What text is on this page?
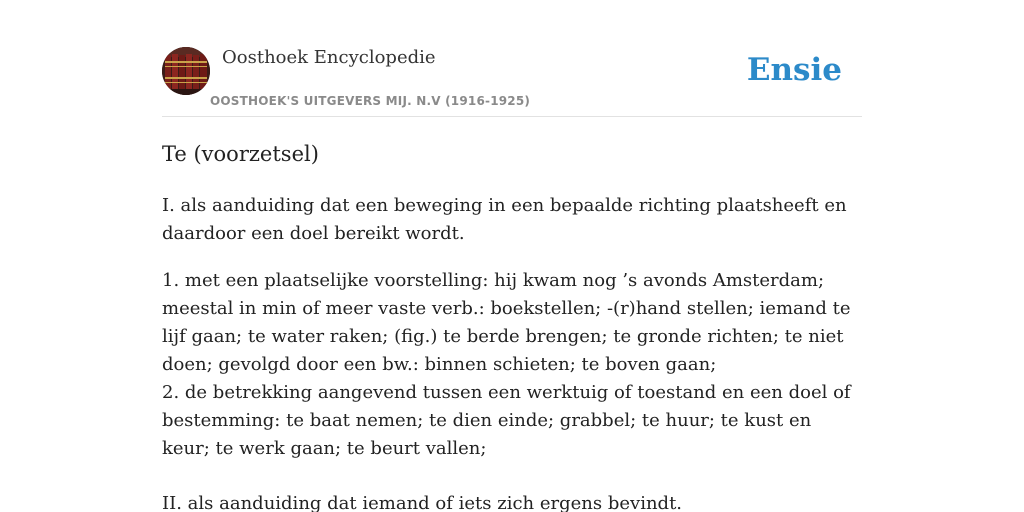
Oosthoek Encyclopedie
OOSTHOEK'S UITGEVERS MIJ. N.V (1916-1925)
Ensie
Te (voorzetsel)

I. als aanduiding dat een beweging in een bepaalde richting plaatsheeft en daardoor een doel bereikt wordt.

1. met een plaatselijke voorstelling: hij kwam nog ’s avonds Amsterdam; meestal in min of meer vaste verb.: boekstellen; -(r)hand stellen; iemand te lijf gaan; te water raken; (fig.) te berde brengen; te gronde richten; te niet doen; gevolgd door een bw.: binnen schieten; te boven gaan;

2. de betrekking aangevend tussen een werktuig of toestand en een doel of bestemming: te baat nemen; te dien einde; grabbel; te huur; te kust en keur; te werk gaan; te beurt vallen;

II. als aanduiding dat iemand of iets zich ergens bevindt.
